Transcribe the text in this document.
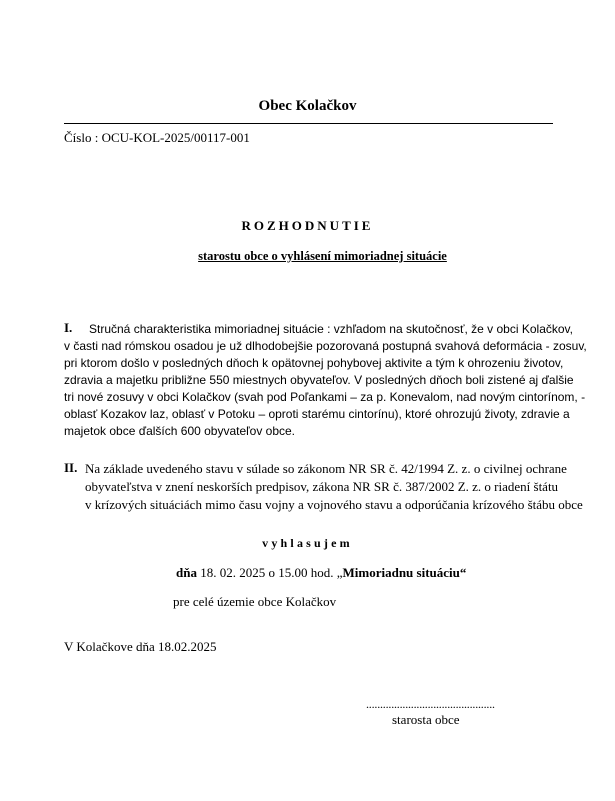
Obec Kolačkov
Číslo : OCU-KOL-2025/00117-001
ROZHODNUTIE
starostu obce o vyhlásení mimoriadnej situácie
I. Stručná charakteristika mimoriadnej situácie : vzhľadom na skutočnosť, že v obci Kolačkov,
v časti nad rómskou osadou je už dlhodobejšie pozorovaná postupná svahová deformácia - zosuv,
pri ktorom došlo v posledných dňoch k opätovnej pohybovej aktivite a tým k ohrozeniu životov,
zdravia a majetku približne 550 miestnych obyvateľov. V posledných dňoch boli zistené aj ďalšie
tri nové zosuvy v obci Kolačkov (svah pod Poľankami – za p. Konevalom, nad novým cintorínom, -
oblasť Kozakov laz, oblasť v Potoku – oproti starému cintorínu), ktoré ohrozujú životy, zdravie a
majetok obce ďalších 600 obyvateľov obce.
II. Na základe uvedeného stavu v súlade so zákonom NR SR č. 42/1994 Z. z. o civilnej ochrane
obyvateľstva v znení neskorších predpisov, zákona NR SR č. 387/2002 Z. z. o riadení štátu
v krízových situáciách mimo času vojny a vojnového stavu a odporúčania krízového štábu obce
vyhlasujem
dňa 18. 02. 2025 o 15.00 hod. „Mimoriadnu situáciu“
pre celé územie obce Kolačkov
V Kolačkove dňa 18.02.2025
..............................................
starosta obce
